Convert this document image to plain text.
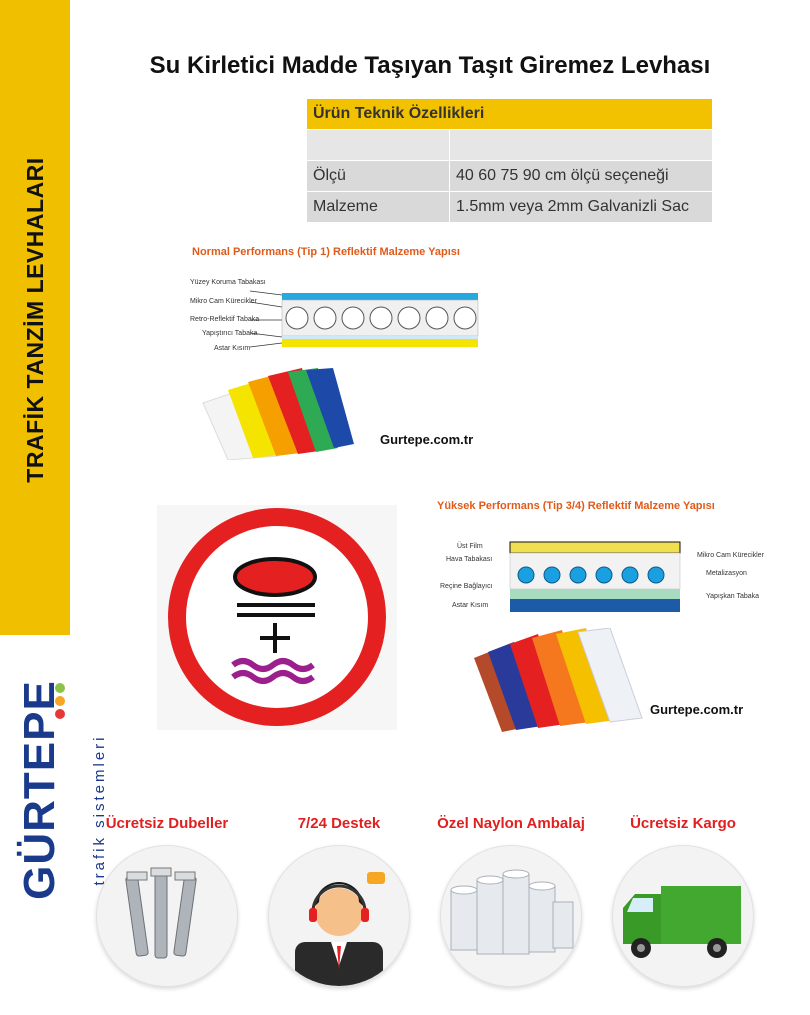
TRAFİK TANZİM LEVHALARI
GÜRTEPE trafik sistemleri
Su Kirletici Madde Taşıyan Taşıt Giremez Levhası
Ürün Teknik Özellikleri	

Ölçü	40 60 75 90 cm ölçü seçeneği
Malzeme	1.5mm veya 2mm Galvanizli Sac
Normal Performans (Tip 1) Reflektif Malzeme Yapısı
Yüzey Koruma Tabakası
Mikro Cam Kürecikler
Retro-Reflektif Tabaka
Yapıştırıcı Tabaka
Astar Kısım
Gurtepe.com.tr
Yüksek Performans (Tip 3/4) Reflektif Malzeme Yapısı
Üst Film
Hava Tabakası
Reçine Bağlayıcı
Astar Kısım
Mikro Cam Kürecikler
Metalizasyon
Yapışkan Tabaka
Gurtepe.com.tr
Ücretsiz Dubeller	7/24 Destek	Özel Naylon Ambalaj	Ücretsiz Kargo
